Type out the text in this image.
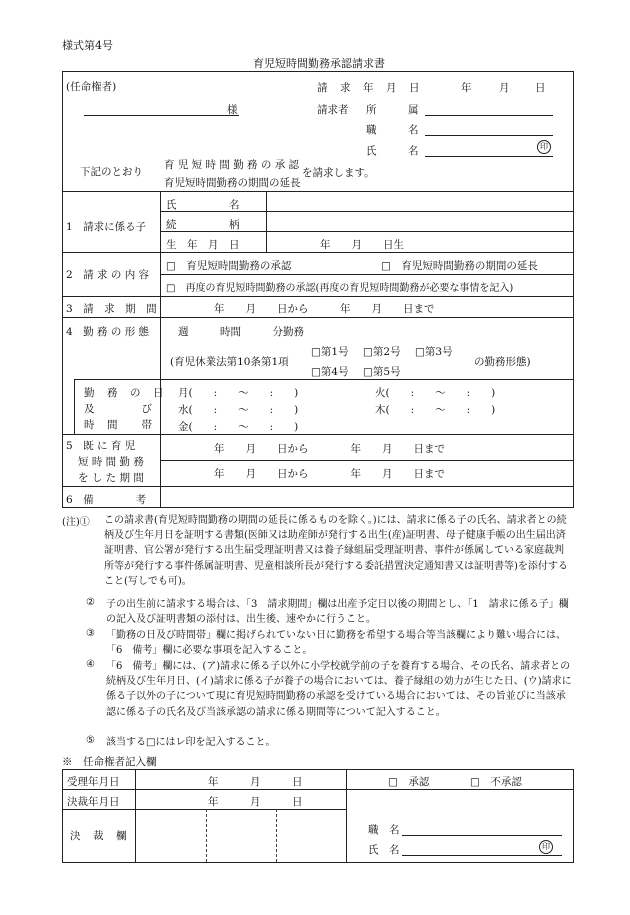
様式第4号
育児短時間勤務承認請求書
(任命権者)
様
請　求　年　月　日	年	月 日
請求者 所　　　属
職　　　名
氏　　　名	印
下記のとおり
育 児 短 時 間 勤 務 の 承 認
育児短時間勤務の期間の延長
を請求します。
1　請求に係る子
氏　　　　　名
続　　　　　柄
生　年　月　日	年　　月　　日生
2　請 求 の 内 容
□　育児短時間勤務の承認	□　育児短時間勤務の期間の延長
□　再度の育児短時間勤務の承認(再度の育児短時間勤務が必要な事情を記入)
3　請　求　期　間	年　　月　　日から　　　年　　月　　日まで
4　勤 務 の 形 態	週　　　時間　　　分勤務
(育児休業法第10条第1項
□第1号 □第2号 □第3号
□第4号 □第5号
の勤務形態)
勤　務　の　日
及　　　　び
時　間　　帯
月(　　:　　〜　　:　　)	火(　　:　　〜　　:　　)
水(　　:　　〜　　:　　)	木(　　:　　〜　　:　　)
金(　　:　　〜　　:　　)
5　既 に 育 児
短 時 間 勤 務
を し た 期 間
年　　月　　日から　　　　年　　月　　日まで
年　　月　　日から　　　　年　　月　　日まで
6　備　　　　考
(注)① この請求書(育児短時間勤務の期間の延長に係るものを除く。)には、請求に係る子の氏名、請求者との続柄及び生年月日を証明する書類(医師又は助産師が発行する出生(産)証明書、母子健康手帳の出生届出済証明書、官公署が発行する出生届受理証明書又は養子縁組届受理証明書、事件が係属している家庭裁判所等が発行する事件係属証明書、児童相談所長が発行する委託措置決定通知書又は証明書等)を添付すること(写しでも可)。
② 子の出生前に請求する場合は、「3　請求期間」欄は出産予定日以後の期間とし、「1　請求に係る子」欄の記入及び証明書類の添付は、出生後、速やかに行うこと。
③ 「勤務の日及び時間帯」欄に掲げられていない日に勤務を希望する場合等当該欄により難い場合には、「6　備考」欄に必要な事項を記入すること。
④ 「6　備考」欄には、(ア)請求に係る子以外に小学校就学前の子を養育する場合、その氏名、請求者との続柄及び生年月日、(イ)請求に係る子が養子の場合においては、養子縁組の効力が生じた日、(ウ)請求に係る子以外の子について現に育児短時間勤務の承認を受けている場合においては、その旨並びに当該承認に係る子の氏名及び当該承認の請求に係る期間等について記入すること。
⑤ 該当する□にはレ印を記入すること。
※　任命権者記入欄
受理年月日	年　　　月　　　日
決裁年月日	年　　　月　　　日
決　裁　欄
□　承認	□　不承認
職　名
氏　名	印
